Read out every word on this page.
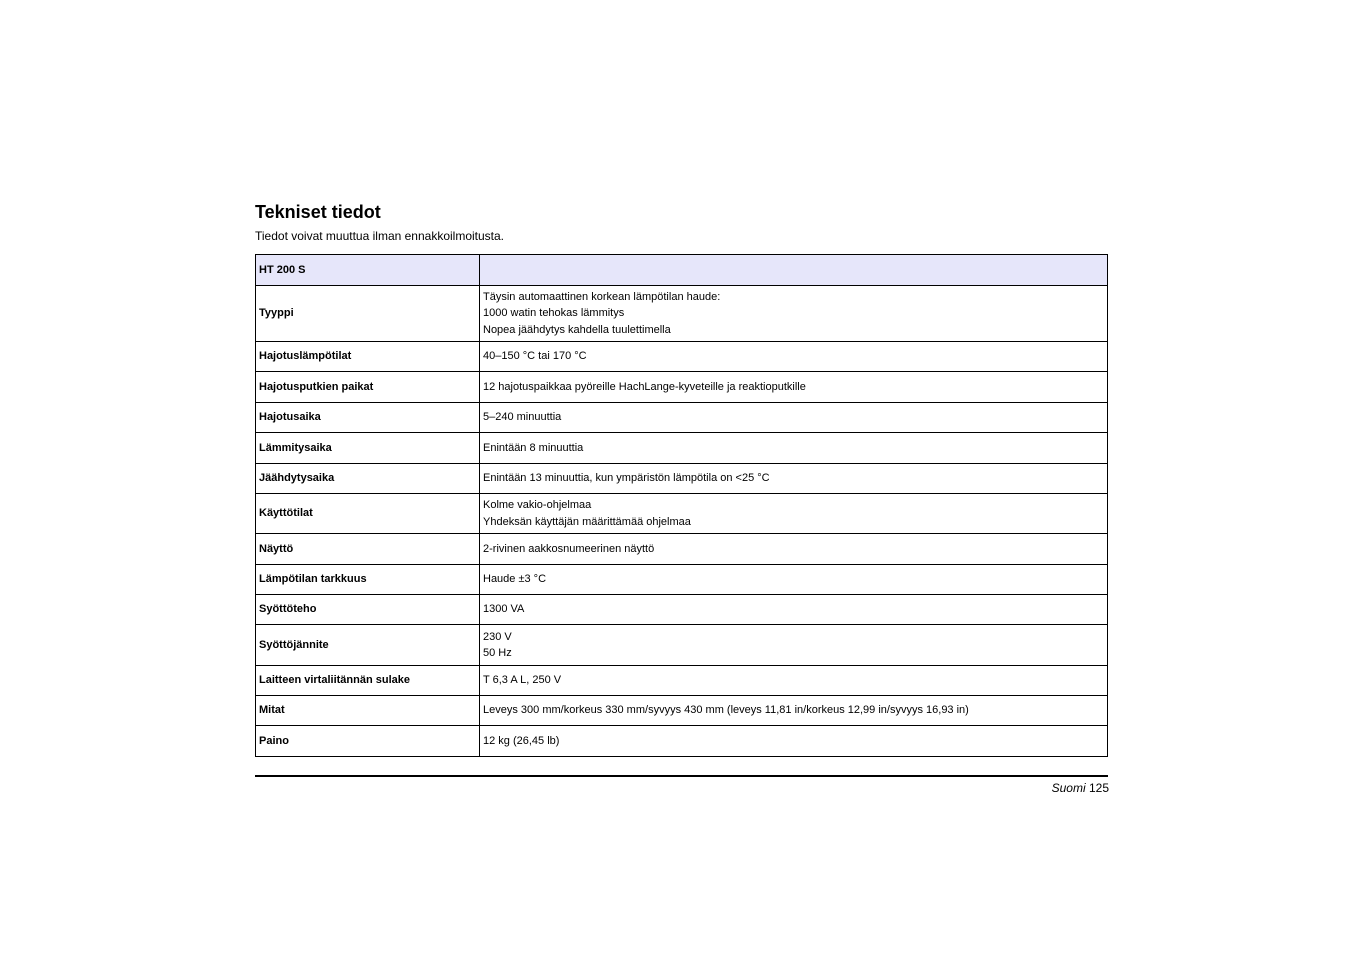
Tekniset tiedot

Tiedot voivat muuttua ilman ennakkoilmoitusta.

HT 200 S	
Tyyppi	Täysin automaattinen korkean lämpötilan haude:
1000 watin tehokas lämmitys
Nopea jäähdytys kahdella tuulettimella

Hajotuslämpötilat	40–150 °C tai 170 °C
Hajotusputkien paikat	12 hajotuspaikkaa pyöreille HachLange-kyveteille ja reaktioputkille
Hajotusaika	5–240 minuuttia
Lämmitysaika	Enintään 8 minuuttia
Jäähdytysaika	Enintään 13 minuuttia, kun ympäristön lämpötila on <25 °C
Käyttötilat	Kolme vakio-ohjelmaa
Yhdeksän käyttäjän määrittämää ohjelmaa

Näyttö	2-rivinen aakkosnumeerinen näyttö
Lämpötilan tarkkuus	Haude ±3 °C
Syöttöteho	1300 VA
Syöttöjännite	230 V
50 Hz

Laitteen virtaliitännän sulake	T 6,3 A L, 250 V
Mitat	Leveys 300 mm/korkeus 330 mm/syvyys 430 mm (leveys 11,81 in/korkeus 12,99 in/syvyys 16,93 in)
Paino	12 kg (26,45 lb)
Suomi 125
